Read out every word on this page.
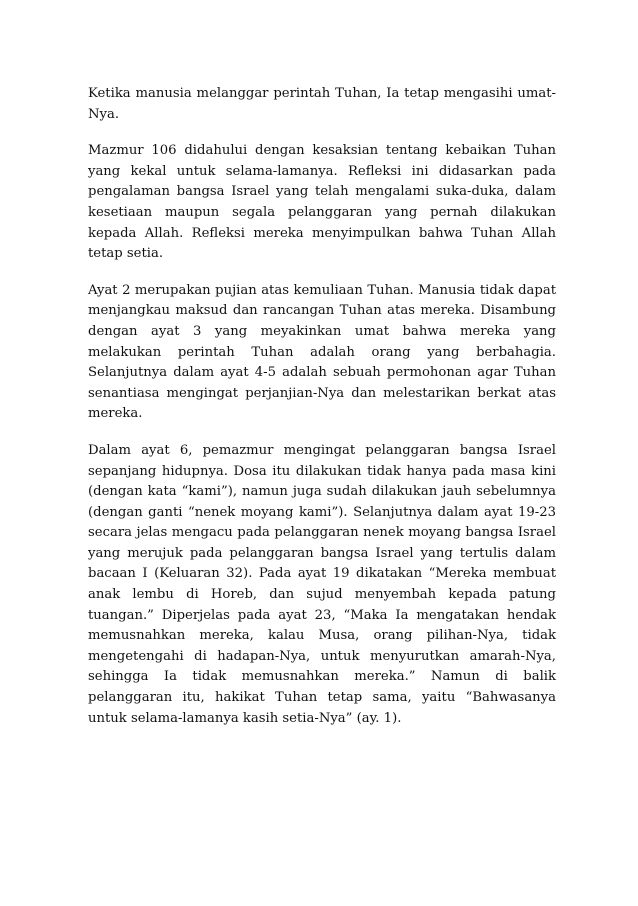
Ketika manusia melanggar perintah Tuhan, Ia tetap mengasihi umat-Nya.

Mazmur 106 didahului dengan kesaksian tentang kebaikan Tuhan yang kekal untuk selama-lamanya. Refleksi ini didasarkan pada pengalaman bangsa Israel yang telah mengalami suka-duka, dalam kesetiaan maupun segala pelanggaran yang pernah dilakukan kepada Allah. Refleksi mereka menyimpulkan bahwa Tuhan Allah tetap setia.

Ayat 2 merupakan pujian atas kemuliaan Tuhan. Manusia tidak dapat menjangkau maksud dan rancangan Tuhan atas mereka. Disambung dengan ayat 3 yang meyakinkan umat bahwa mereka yang melakukan perintah Tuhan adalah orang yang berbahagia. Selanjutnya dalam ayat 4-5 adalah sebuah permohonan agar Tuhan senantiasa mengingat perjanjian-Nya dan melestarikan berkat atas mereka.

Dalam ayat 6, pemazmur mengingat pelanggaran bangsa Israel sepanjang hidupnya. Dosa itu dilakukan tidak hanya pada masa kini (dengan kata “kami”), namun juga sudah dilakukan jauh sebelumnya (dengan ganti “nenek moyang kami”). Selanjutnya dalam ayat 19-23 secara jelas mengacu pada pelanggaran nenek moyang bangsa Israel yang merujuk pada pelanggaran bangsa Israel yang tertulis dalam bacaan I (Keluaran 32). Pada ayat 19 dikatakan “Mereka membuat anak lembu di Horeb, dan sujud menyembah kepada patung tuangan.” Diperjelas pada ayat 23, “Maka Ia mengatakan hendak memusnahkan mereka, kalau Musa, orang pilihan-Nya, tidak mengetengahi di hadapan-Nya, untuk menyurutkan amarah-Nya, sehingga Ia tidak memusnahkan mereka.” Namun di balik pelanggaran itu, hakikat Tuhan tetap sama, yaitu “Bahwasanya untuk selama-lamanya kasih setia-Nya” (ay. 1).
